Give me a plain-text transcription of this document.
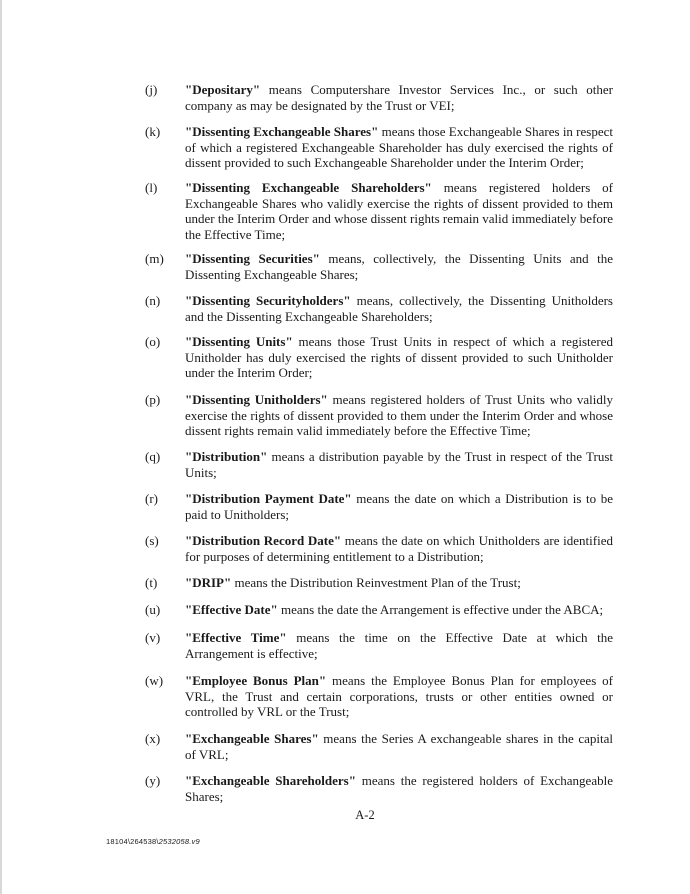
(j) "Depositary" means Computershare Investor Services Inc., or such other company as may be designated by the Trust or VEI;
(k) "Dissenting Exchangeable Shares" means those Exchangeable Shares in respect of which a registered Exchangeable Shareholder has duly exercised the rights of dissent provided to such Exchangeable Shareholder under the Interim Order;
(l) "Dissenting Exchangeable Shareholders" means registered holders of Exchangeable Shares who validly exercise the rights of dissent provided to them under the Interim Order and whose dissent rights remain valid immediately before the Effective Time;
(m) "Dissenting Securities" means, collectively, the Dissenting Units and the Dissenting Exchangeable Shares;
(n) "Dissenting Securityholders" means, collectively, the Dissenting Unitholders and the Dissenting Exchangeable Shareholders;
(o) "Dissenting Units" means those Trust Units in respect of which a registered Unitholder has duly exercised the rights of dissent provided to such Unitholder under the Interim Order;
(p) "Dissenting Unitholders" means registered holders of Trust Units who validly exercise the rights of dissent provided to them under the Interim Order and whose dissent rights remain valid immediately before the Effective Time;
(q) "Distribution" means a distribution payable by the Trust in respect of the Trust Units;
(r) "Distribution Payment Date" means the date on which a Distribution is to be paid to Unitholders;
(s) "Distribution Record Date" means the date on which Unitholders are identified for purposes of determining entitlement to a Distribution;
(t) "DRIP" means the Distribution Reinvestment Plan of the Trust;
(u) "Effective Date" means the date the Arrangement is effective under the ABCA;
(v) "Effective Time" means the time on the Effective Date at which the Arrangement is effective;
(w) "Employee Bonus Plan" means the Employee Bonus Plan for employees of VRL, the Trust and certain corporations, trusts or other entities owned or controlled by VRL or the Trust;
(x) "Exchangeable Shares" means the Series A exchangeable shares in the capital of VRL;
(y) "Exchangeable Shareholders" means the registered holders of Exchangeable Shares;
A-2
18104\264538\2532058.v9
